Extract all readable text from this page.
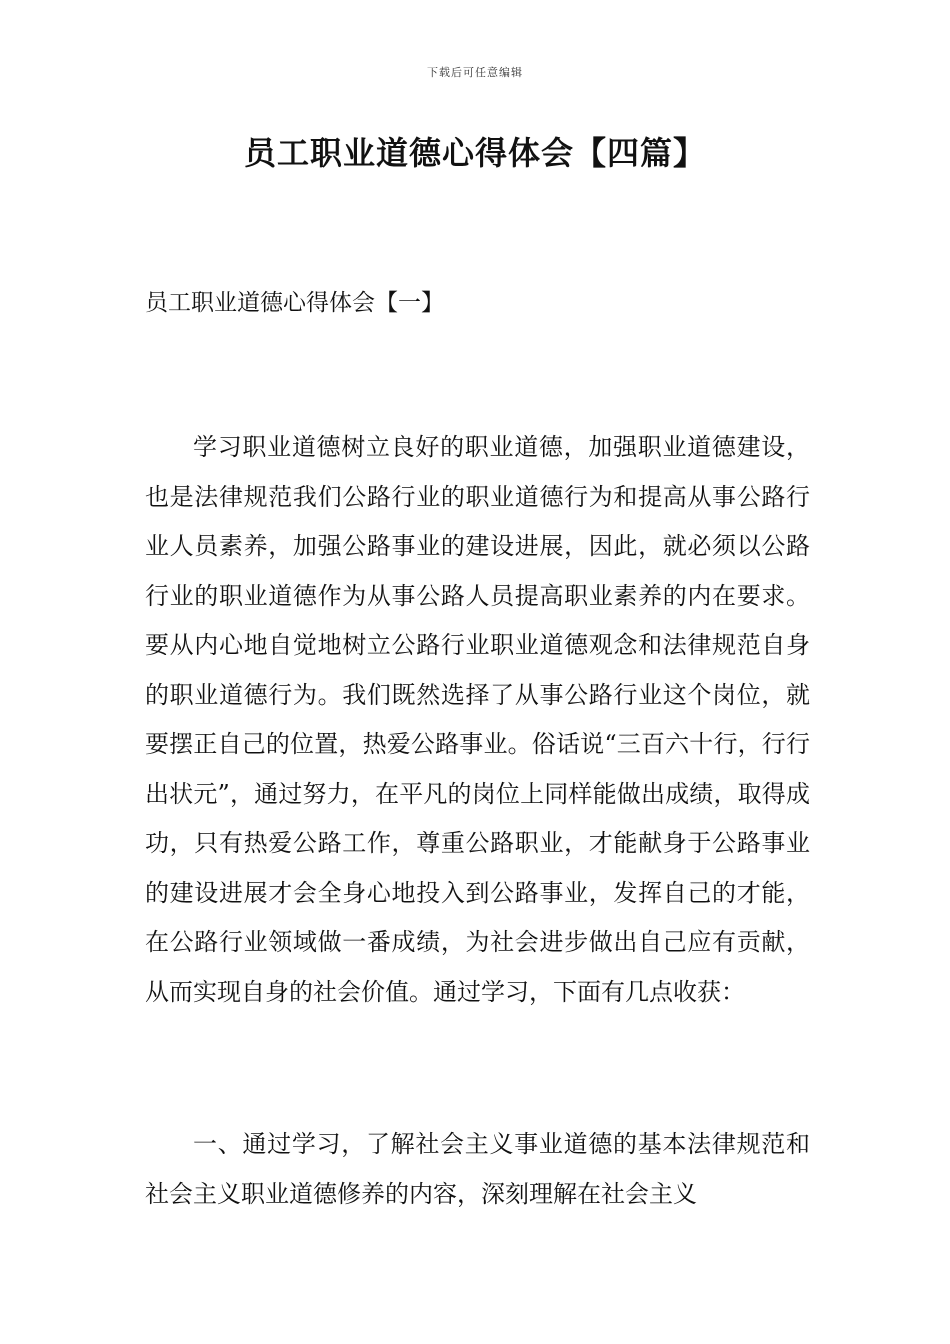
下载后可任意编辑
员工职业道德心得体会【四篇】
员工职业道德心得体会【一】

学习职业道德树立良好的职业道德，加强职业道德建设，也是法律规范我们公路行业的职业道德行为和提高从事公路行业人员素养，加强公路事业的建设进展，因此，就必须以公路行业的职业道德作为从事公路人员提高职业素养的内在要求。要从内心地自觉地树立公路行业职业道德观念和法律规范自身的职业道德行为。我们既然选择了从事公路行业这个岗位，就要摆正自己的位置，热爱公路事业。俗话说“三百六十行，行行出状元”，通过努力，在平凡的岗位上同样能做出成绩，取得成功，只有热爱公路工作，尊重公路职业，才能献身于公路事业的建设进展才会全身心地投入到公路事业，发挥自己的才能，在公路行业领域做一番成绩，为社会进步做出自己应有贡献，从而实现自身的社会价值。通过学习，下面有几点收获：

一、通过学习，了解社会主义事业道德的基本法律规范和社会主义职业道德修养的内容，深刻理解在社会主义
